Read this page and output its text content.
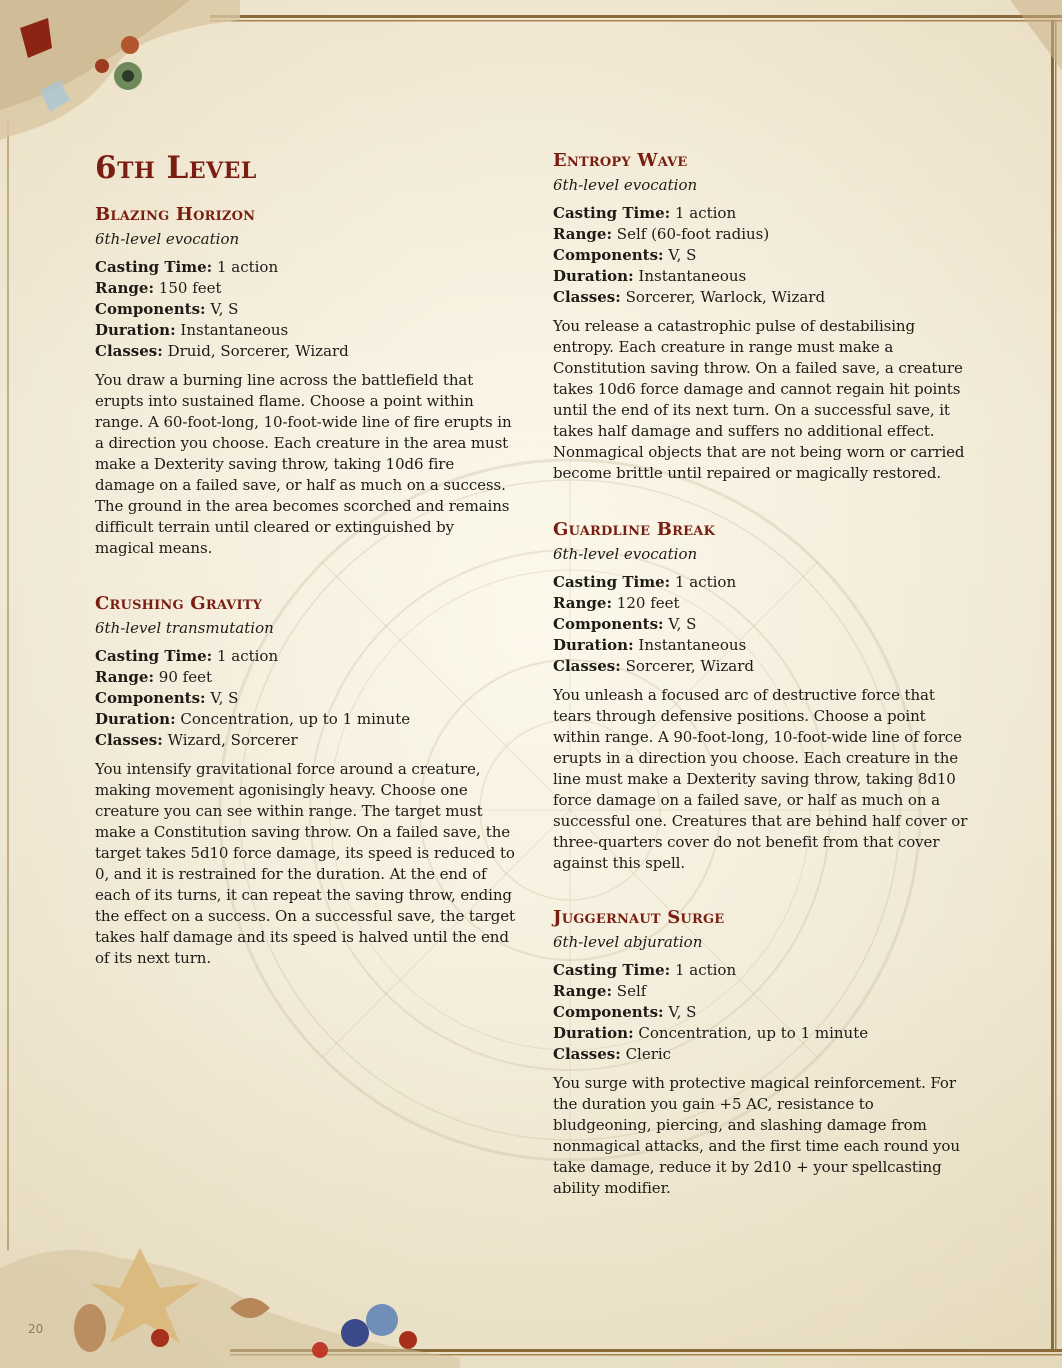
6th Level
Blazing Horizon

6th-level evocation

Casting Time: 1 action

Range: 150 feet

Components: V, S

Duration: Instantaneous

Classes: Druid, Sorcerer, Wizard

You draw a burning line across the battlefield that erupts into sustained flame. Choose a point within range. A 60-foot-long, 10-foot-wide line of fire erupts in a direction you choose. Each creature in the area must make a Dexterity saving throw, taking 10d6 fire damage on a failed save, or half as much on a success. The ground in the area becomes scorched and remains difficult terrain until cleared or extinguished by magical means.

Crushing Gravity

6th-level transmutation

Casting Time: 1 action

Range: 90 feet

Components: V, S

Duration: Concentration, up to 1 minute

Classes: Wizard, Sorcerer

You intensify gravitational force around a creature, making movement agonisingly heavy. Choose one creature you can see within range. The target must make a Constitution saving throw. On a failed save, the target takes 5d10 force damage, its speed is reduced to 0, and it is restrained for the duration. At the end of each of its turns, it can repeat the saving throw, ending the effect on a success. On a successful save, the target takes half damage and its speed is halved until the end of its next turn.

Entropy Wave

6th-level evocation

Casting Time: 1 action

Range: Self (60-foot radius)

Components: V, S

Duration: Instantaneous

Classes: Sorcerer, Warlock, Wizard

You release a catastrophic pulse of destabilising entropy. Each creature in range must make a Constitution saving throw. On a failed save, a creature takes 10d6 force damage and cannot regain hit points until the end of its next turn. On a successful save, it takes half damage and suffers no additional effect. Nonmagical objects that are not being worn or carried become brittle until repaired or magically restored.

Guardline Break

6th-level evocation

Casting Time: 1 action

Range: 120 feet

Components: V, S

Duration: Instantaneous

Classes: Sorcerer, Wizard

You unleash a focused arc of destructive force that tears through defensive positions. Choose a point within range. A 90-foot-long, 10-foot-wide line of force erupts in a direction you choose. Each creature in the line must make a Dexterity saving throw, taking 8d10 force damage on a failed save, or half as much on a successful one. Creatures that are behind half cover or three-quarters cover do not benefit from that cover against this spell.

Juggernaut Surge

6th-level abjuration

Casting Time: 1 action

Range: Self

Components: V, S

Duration: Concentration, up to 1 minute

Classes: Cleric

You surge with protective magical reinforcement. For the duration you gain +5 AC, resistance to bludgeoning, piercing, and slashing damage from nonmagical attacks, and the first time each round you take damage, reduce it by 2d10 + your spellcasting ability modifier.

20
